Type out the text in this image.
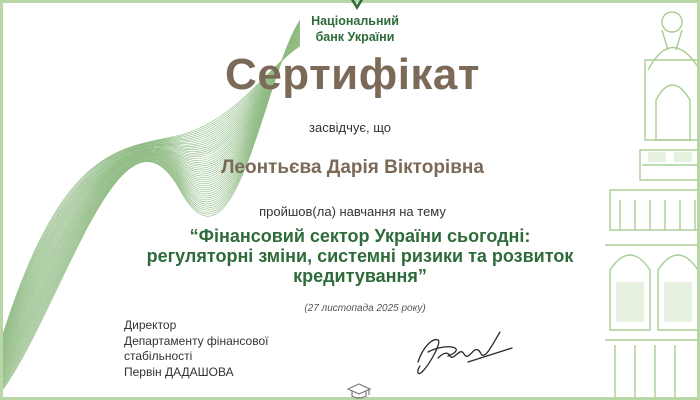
Національний
банк України
Сертифікат
засвідчує, що
Леонтьєва Дарія Вікторівна
пройшов(ла) навчання на тему
“Фінансовий сектор України сьогодні:
регуляторні зміни, системні ризики та розвиток
кредитування”
(27 листопада 2025 року)
Директор
Департаменту фінансової
стабільності
Первін ДАДАШОВА
